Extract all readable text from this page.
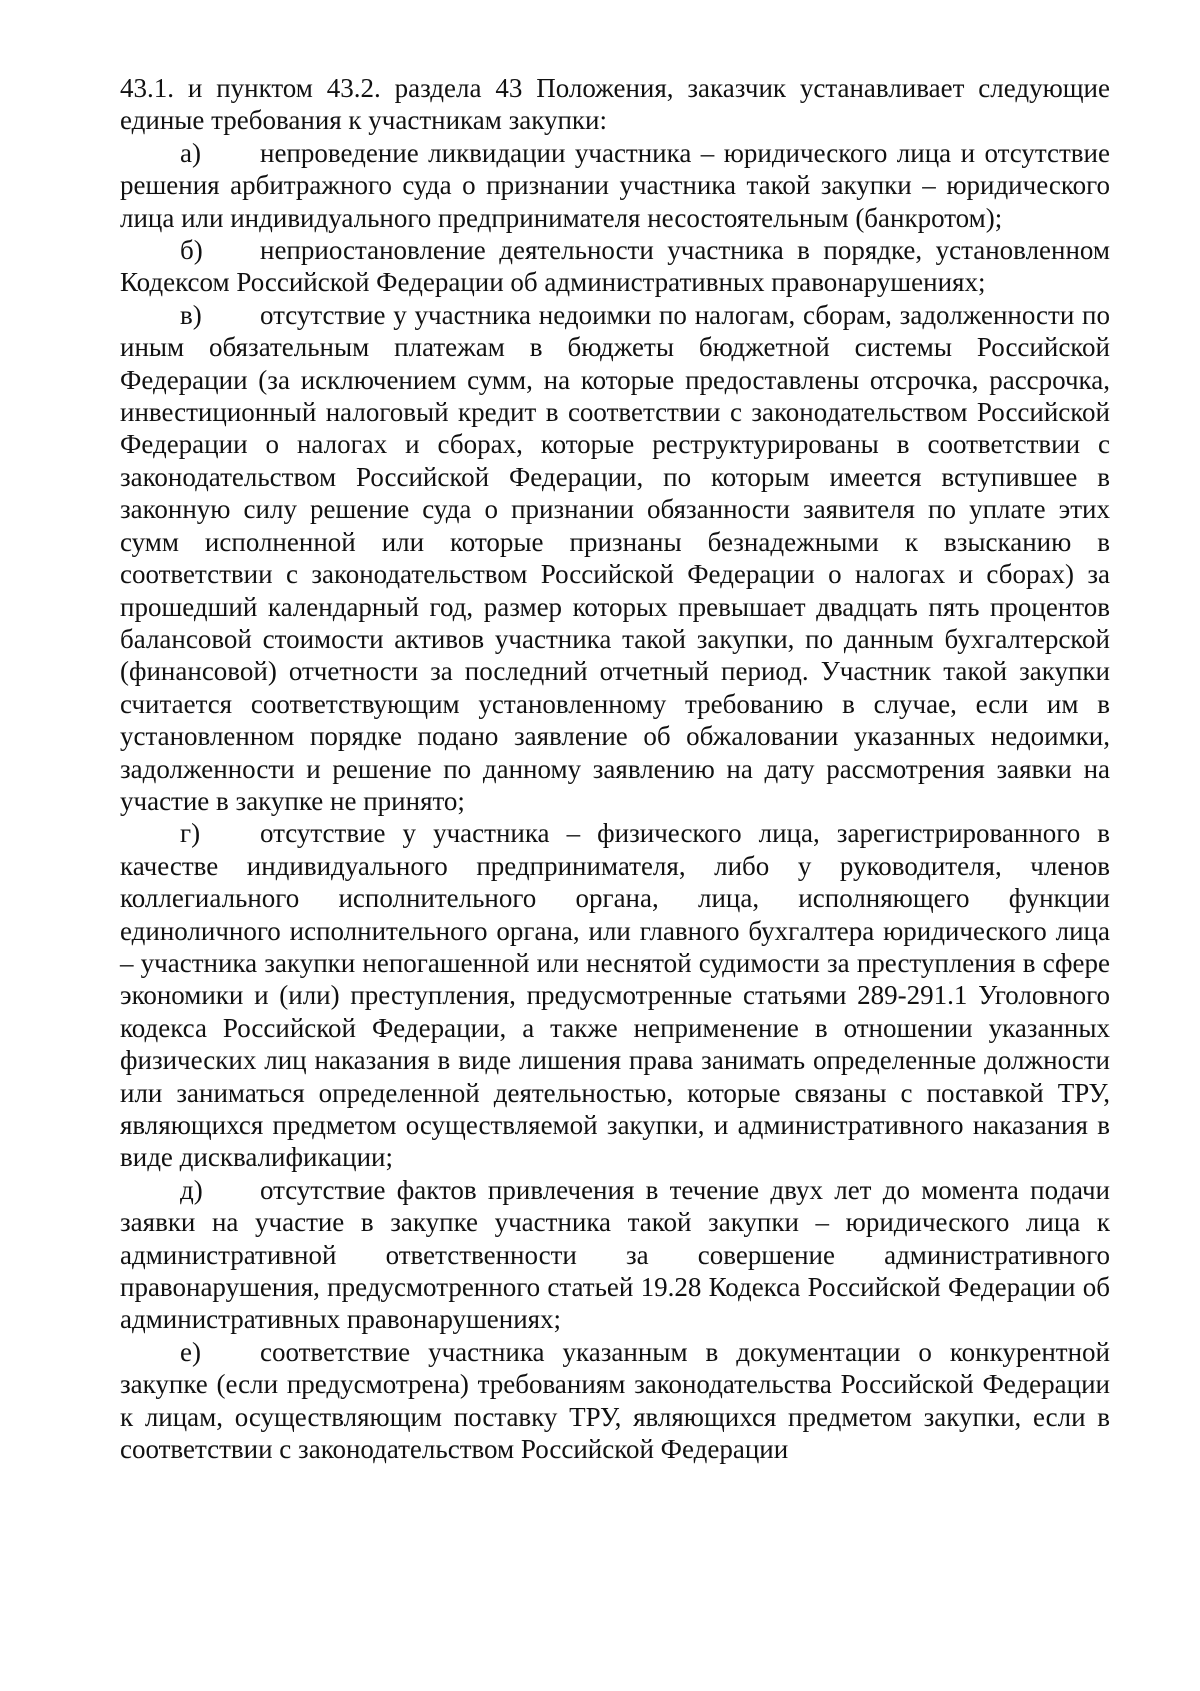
43.1. и пунктом 43.2. раздела 43 Положения, заказчик устанавливает следующие единые требования к участникам закупки:

а) непроведение ликвидации участника – юридического лица и отсутствие решения арбитражного суда о признании участника такой закупки – юридического лица или индивидуального предпринимателя несостоятельным (банкротом);

б) неприостановление деятельности участника в порядке, установленном Кодексом Российской Федерации об административных правонарушениях;

в) отсутствие у участника недоимки по налогам, сборам, задолженности по иным обязательным платежам в бюджеты бюджетной системы Российской Федерации (за исключением сумм, на которые предоставлены отсрочка, рассрочка, инвестиционный налоговый кредит в соответствии с законодательством Российской Федерации о налогах и сборах, которые реструктурированы в соответствии с законодательством Российской Федерации, по которым имеется вступившее в законную силу решение суда о признании обязанности заявителя по уплате этих сумм исполненной или которые признаны безнадежными к взысканию в соответствии с законодательством Российской Федерации о налогах и сборах) за прошедший календарный год, размер которых превышает двадцать пять процентов балансовой стоимости активов участника такой закупки, по данным бухгалтерской (финансовой) отчетности за последний отчетный период. Участник такой закупки считается соответствующим установленному требованию в случае, если им в установленном порядке подано заявление об обжаловании указанных недоимки, задолженности и решение по данному заявлению на дату рассмотрения заявки на участие в закупке не принято;

г) отсутствие у участника – физического лица, зарегистрированного в качестве индивидуального предпринимателя, либо у руководителя, членов коллегиального исполнительного органа, лица, исполняющего функции единоличного исполнительного органа, или главного бухгалтера юридического лица – участника закупки непогашенной или неснятой судимости за преступления в сфере экономики и (или) преступления, предусмотренные статьями 289-291.1 Уголовного кодекса Российской Федерации, а также неприменение в отношении указанных физических лиц наказания в виде лишения права занимать определенные должности или заниматься определенной деятельностью, которые связаны с поставкой ТРУ, являющихся предметом осуществляемой закупки, и административного наказания в виде дисквалификации;

д) отсутствие фактов привлечения в течение двух лет до момента подачи заявки на участие в закупке участника такой закупки – юридического лица к административной ответственности за совершение административного правонарушения, предусмотренного статьей 19.28 Кодекса Российской Федерации об административных правонарушениях;

е) соответствие участника указанным в документации о конкурентной закупке (если предусмотрена) требованиям законодательства Российской Федерации к лицам, осуществляющим поставку ТРУ, являющихся предметом закупки, если в соответствии с законодательством Российской Федерации
